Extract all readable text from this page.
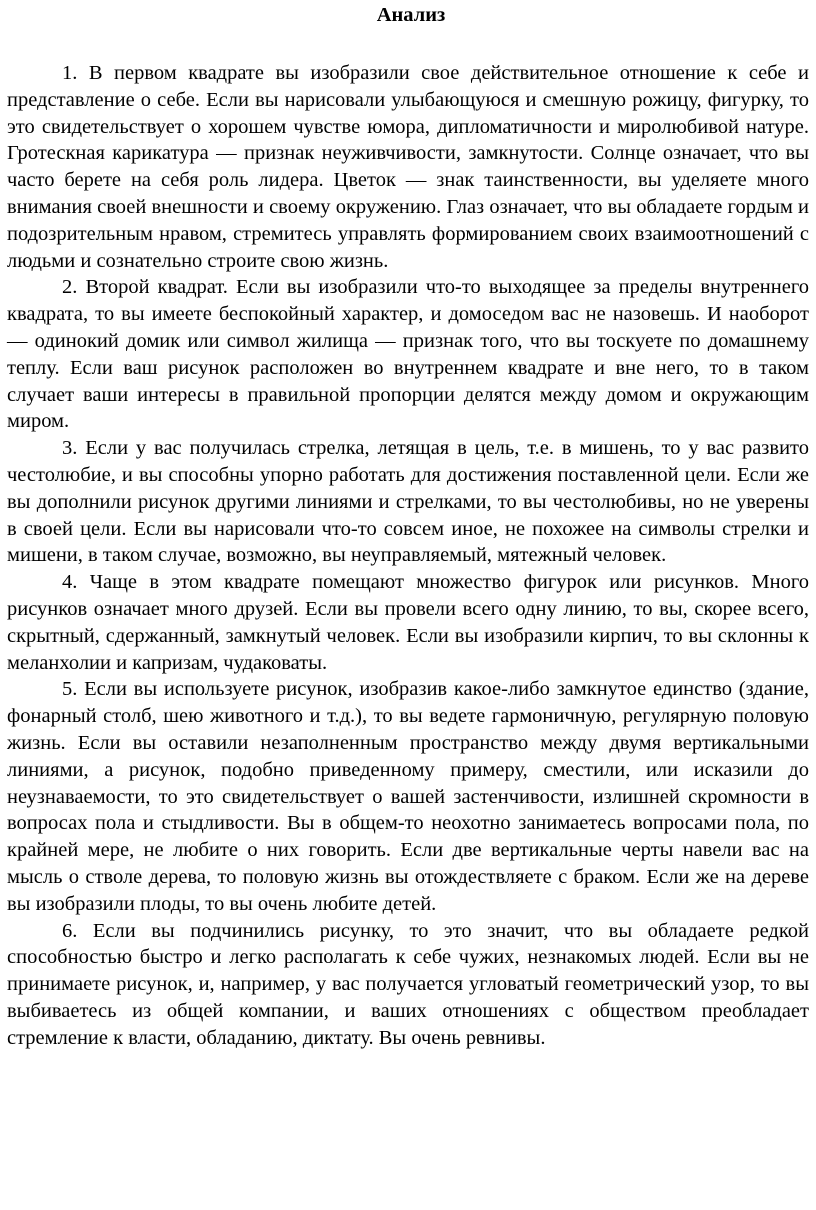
Анализ

1. В первом квадрате вы изобразили свое действительное отношение к себе и представление о себе. Если вы нарисовали улыбающуюся и смешную рожицу, фигурку, то это свидетельствует о хорошем чувстве юмора, дипломатичности и миролюбивой натуре. Гротескная карикатура — признак неуживчивости, замкнутости. Солнце означает, что вы часто берете на себя роль лидера. Цветок — знак таинственности, вы уделяете много внимания своей внешности и своему окружению. Глаз означает, что вы обладаете гордым и подозрительным нравом, стремитесь управлять формированием своих взаимоотношений с людьми и сознательно строите свою жизнь.

2. Второй квадрат. Если вы изобразили что-то выходящее за пределы внутреннего квадрата, то вы имеете беспокойный характер, и домоседом вас не назовешь. И наоборот — одинокий домик или символ жилища — признак того, что вы тоскуете по домашнему теплу. Если ваш рисунок расположен во внутреннем квадрате и вне него, то в таком случает ваши интересы в правильной пропорции делятся между домом и окружающим миром.

3. Если у вас получилась стрелка, летящая в цель, т.е. в мишень, то у вас развито честолюбие, и вы способны упорно работать для достижения поставленной цели. Если же вы дополнили рисунок другими линиями и стрелками, то вы честолюбивы, но не уверены в своей цели. Если вы нарисовали что-то совсем иное, не похожее на символы стрелки и мишени, в таком случае, возможно, вы неуправляемый, мятежный человек.

4. Чаще в этом квадрате помещают множество фигурок или рисунков. Много рисунков означает много друзей. Если вы провели всего одну линию, то вы, скорее всего, скрытный, сдержанный, замкнутый человек. Если вы изобразили кирпич, то вы склонны к меланхолии и капризам, чудаковаты.

5. Если вы используете рисунок, изобразив какое-либо замкнутое единство (здание, фонарный столб, шею животного и т.д.), то вы ведете гармоничную, регулярную половую жизнь. Если вы оставили незаполненным пространство между двумя вертикальными линиями, а рисунок, подобно приведенному примеру, сместили, или исказили до неузнаваемости, то это свидетельствует о вашей застенчивости, излишней скромности в вопросах пола и стыдливости. Вы в общем-то неохотно занимаетесь вопросами пола, по крайней мере, не любите о них говорить. Если две вертикальные черты навели вас на мысль о стволе дерева, то половую жизнь вы отождествляете с браком. Если же на дереве вы изобразили плоды, то вы очень любите детей.

6. Если вы подчинились рисунку, то это значит, что вы обладаете редкой способностью быстро и легко располагать к себе чужих, незнакомых людей. Если вы не принимаете рисунок, и, например, у вас получается угловатый геометрический узор, то вы выбиваетесь из общей компании, и ваших отношениях с обществом преобладает стремление к власти, обладанию, диктату. Вы очень ревнивы.
